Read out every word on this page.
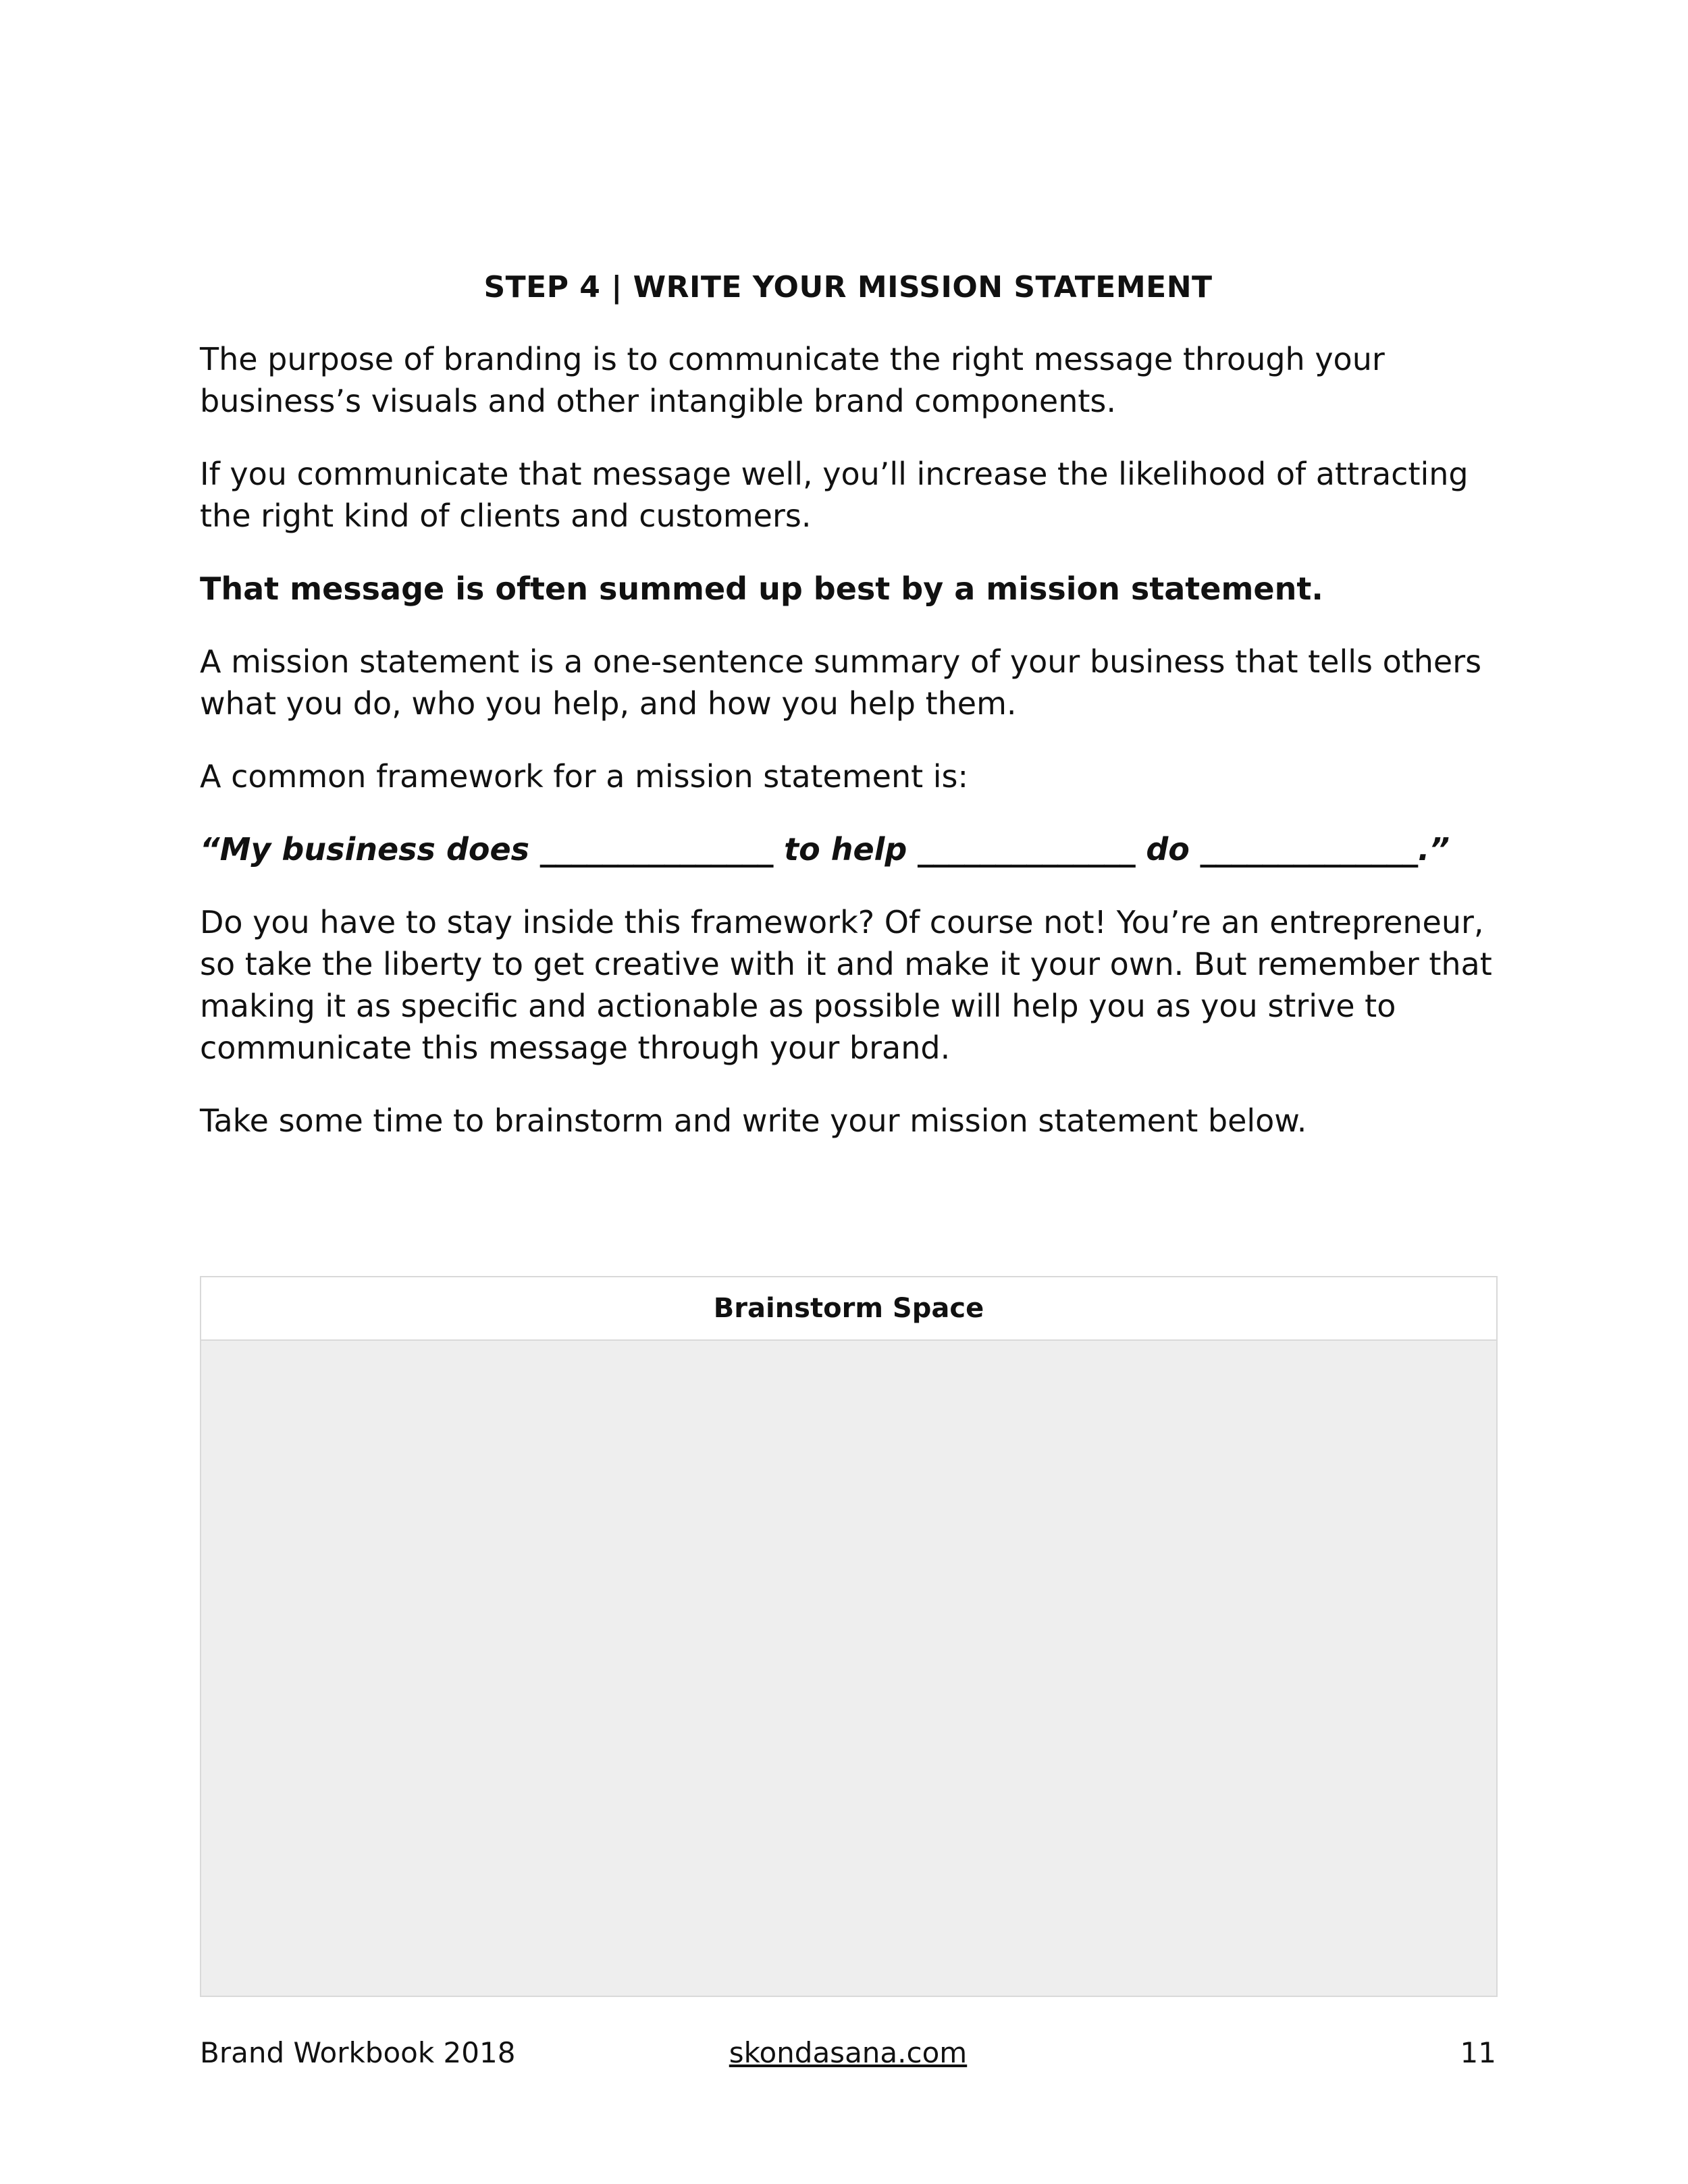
STEP 4 | WRITE YOUR MISSION STATEMENT

The purpose of branding is to communicate the right message through your business’s visuals and other intangible brand components.

If you communicate that message well, you’ll increase the likelihood of attracting the right kind of clients and customers.

That message is often summed up best by a mission statement.

A mission statement is a one-sentence summary of your business that tells others what you do, who you help, and how you help them.

A common framework for a mission statement is:

“My business does _______________ to help ______________ do ______________.”

Do you have to stay inside this framework? Of course not! You’re an entrepreneur, so take the liberty to get creative with it and make it your own. But remember that making it as specific and actionable as possible will help you as you strive to communicate this message through your brand.

Take some time to brainstorm and write your mission statement below.

Brainstorm Space
Brand Workbook 2018	skondasana.com	11
